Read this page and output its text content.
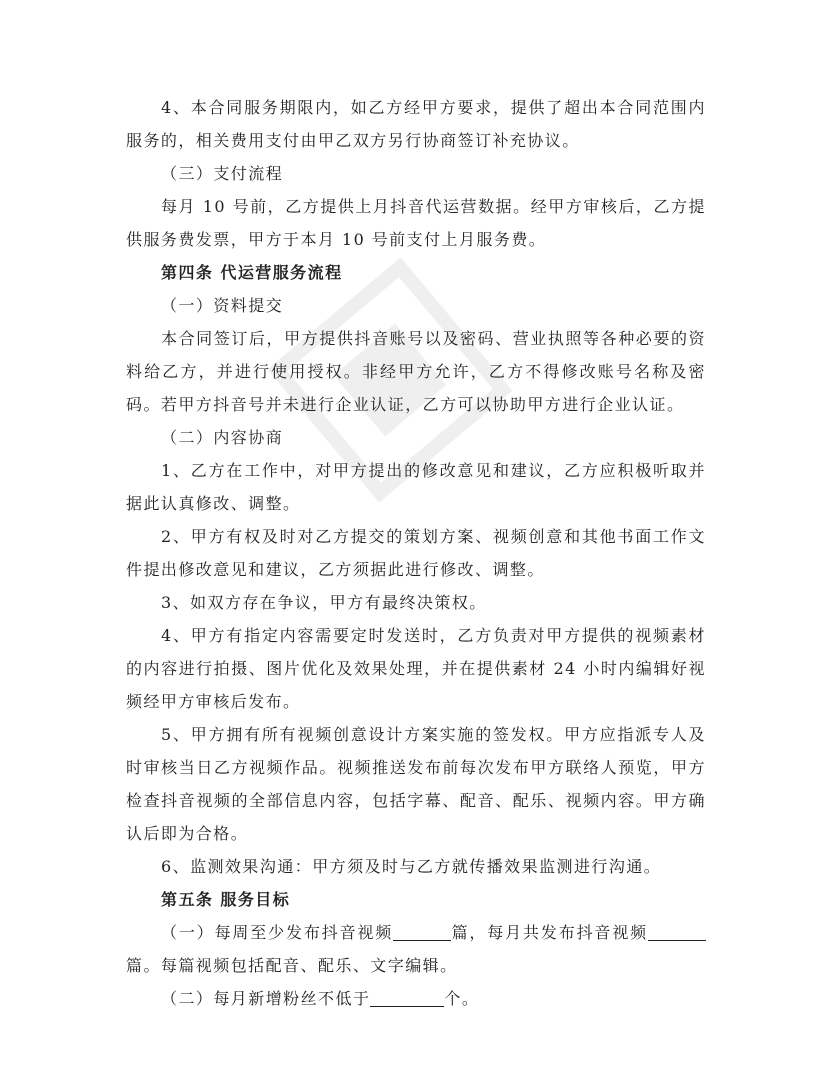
4、本合同服务期限内，如乙方经甲方要求，提供了超出本合同范围内服务的，相关费用支付由甲乙双方另行协商签订补充协议。

（三）支付流程

每月 10 号前，乙方提供上月抖音代运营数据。经甲方审核后，乙方提供服务费发票，甲方于本月 10 号前支付上月服务费。

第四条 代运营服务流程

（一）资料提交

本合同签订后，甲方提供抖音账号以及密码、营业执照等各种必要的资料给乙方，并进行使用授权。非经甲方允许，乙方不得修改账号名称及密码。若甲方抖音号并未进行企业认证，乙方可以协助甲方进行企业认证。

（二）内容协商

1、乙方在工作中，对甲方提出的修改意见和建议，乙方应积极听取并据此认真修改、调整。

2、甲方有权及时对乙方提交的策划方案、视频创意和其他书面工作文件提出修改意见和建议，乙方须据此进行修改、调整。

3、如双方存在争议，甲方有最终决策权。

4、甲方有指定内容需要定时发送时，乙方负责对甲方提供的视频素材的内容进行拍摄、图片优化及效果处理，并在提供素材 24 小时内编辑好视频经甲方审核后发布。

5、甲方拥有所有视频创意设计方案实施的签发权。甲方应指派专人及时审核当日乙方视频作品。视频推送发布前每次发布甲方联络人预览，甲方检查抖音视频的全部信息内容，包括字幕、配音、配乐、视频内容。甲方确认后即为合格。

6、监测效果沟通：甲方须及时与乙方就传播效果监测进行沟通。

第五条 服务目标

（一）每周至少发布抖音视频	篇，每月共发布抖音视频篇。每篇视频包括配音、配乐、文字编辑。

（二）每月新增粉丝不低于	个。
